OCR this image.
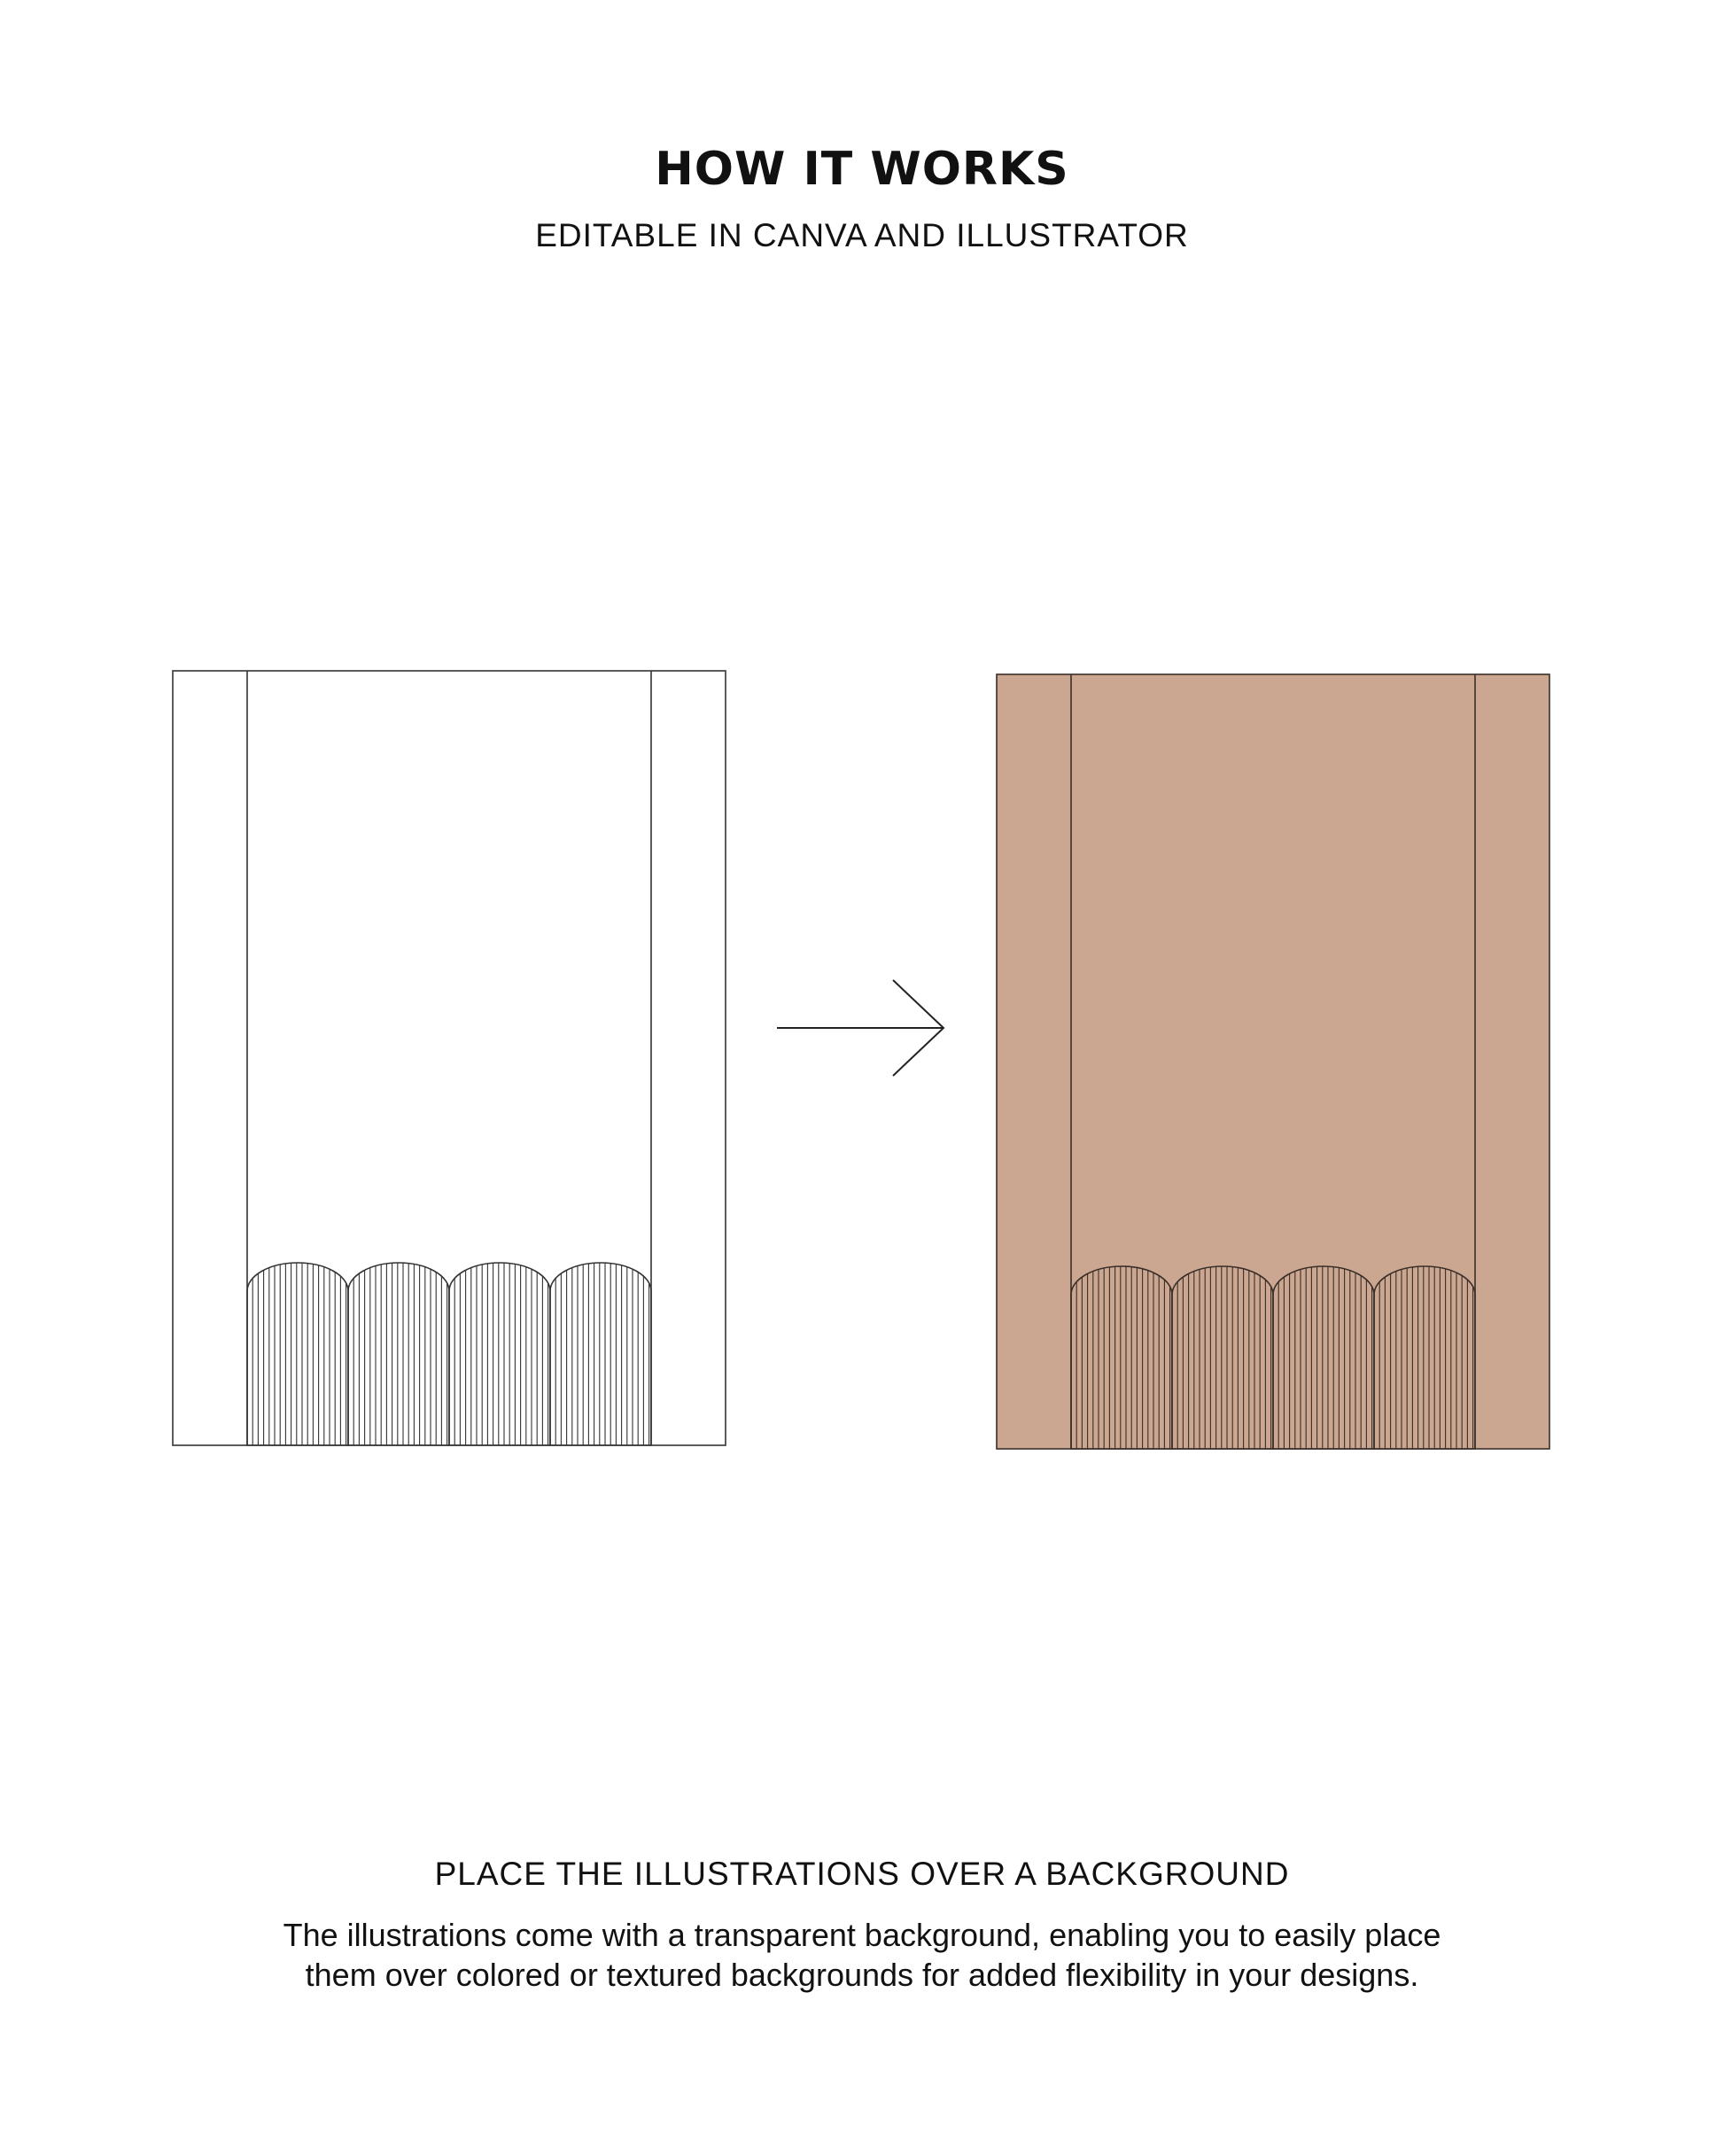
HOW IT WORKS
EDITABLE IN CANVA AND ILLUSTRATOR
PLACE THE ILLUSTRATIONS OVER A BACKGROUND

The illustrations come with a transparent background, enabling you to easily place
them over colored or textured backgrounds for added flexibility in your designs.
